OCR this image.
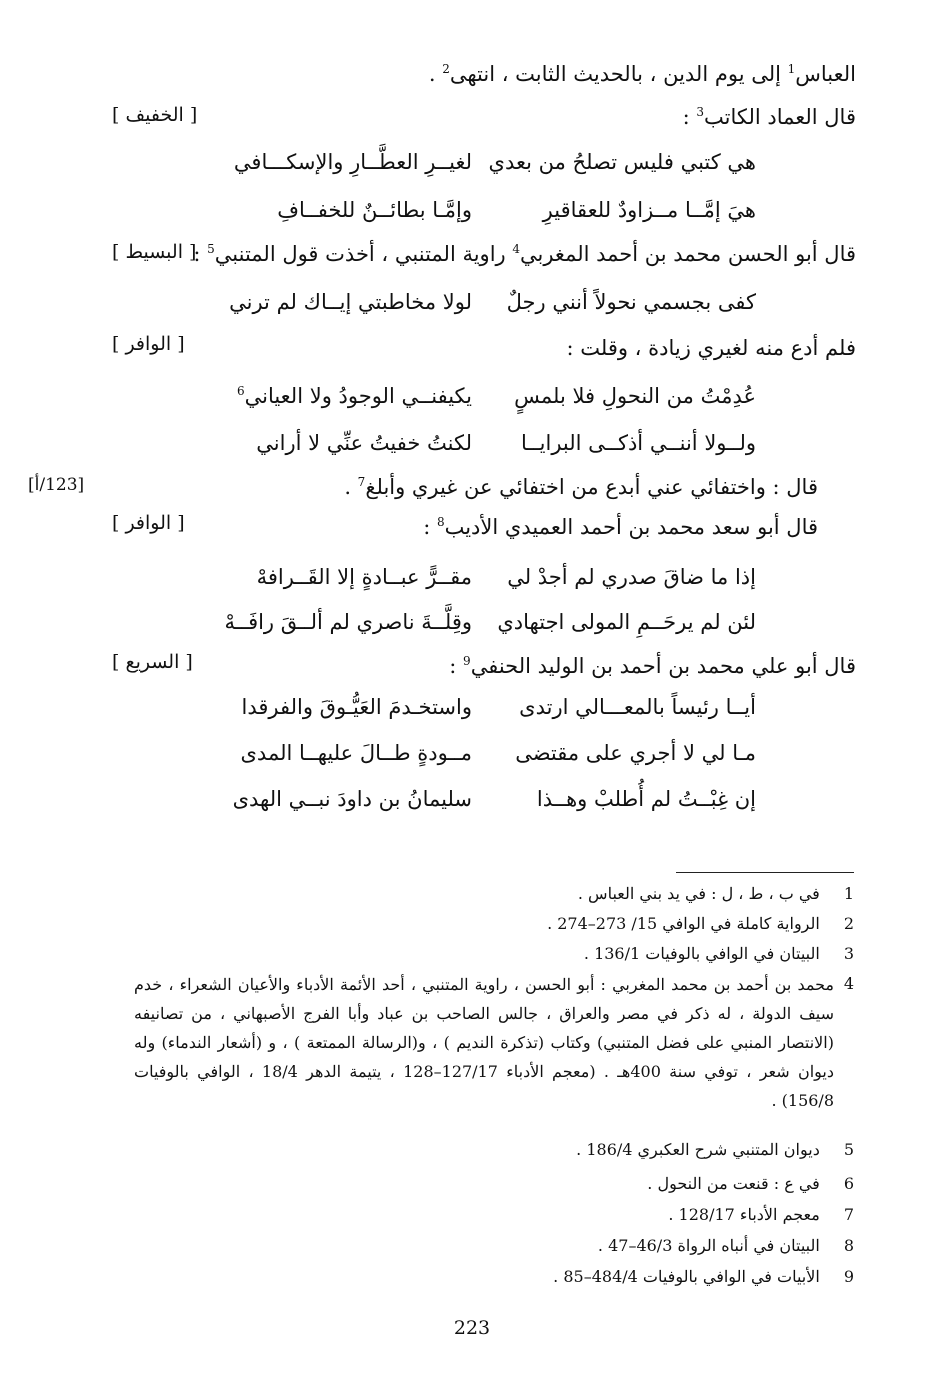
العباس$^1$ إلى يوم الدين ، بالحديث الثابت ، انتهى$^2$ .
قال العماد الكاتب$^3$ :
[ الخفيف ]
هي كتبي فليس تصلحُ من بعدي
لغيــرِ العطَّــارِ والإسكـــافي
هيَ إمَّــا مــزاودٌ للعقاقيرِ
وإمَّـا بطائــنٌ للخفــافِ
قال أبو الحسن محمد بن أحمد المغربي$^4$ راوية المتنبي ، أخذت قول المتنبي$^5$ :
[ البسيط ]
كفى بجسمي نحولاً أنني رجلٌ
لولا مخاطبتي إيــاك لم ترني
فلم أدع منه لغيري زيادة ، وقلت :
[ الوافر ]
عُدِمْتُ من النحولِ فلا بلمسٍ
يكيفنــي الوجودُ ولا العياني$^6$
ولــولا أننــي أذكــى البرايــا
لكنتُ خفيتُ عنِّي لا أراني
قال : واختفائي عني أبدع من اختفائي عن غيري وأبلغ$^7$ .
[123/أ]
قال أبو سعد محمد بن أحمد العميدي الأديب$^8$ :
[ الوافر ]
إذا ما ضاقَ صدري لم أجدْ لي
مقــرًّ عبــادةٍ إلا القَــرافهْ
لئن لم يرحَــمِ المولى اجتهادي
وقِلَّــةَ ناصري لم ألــقَ رافَــهْ
قال أبو علي محمد بن أحمد بن الوليد الحنفي$^9$ :
[ السريع ]
أيــا رئيساً بالمعـــالي ارتدى
واستخـدمَ العَيُّـوقَ والفرقدا
مـا لي لا أجري على مقتضى
مــودةٍ طــالَ عليهــا المدى
إن غِبْــتُ لم أُطلبْ وهــذا
سليمانُ بن داودَ نبــي الهدى
1  في ب ، ط ، ل : في يد بني العباس .
2  الرواية كاملة في الوافي 15/ 273–274 .
3  البيتان في الوافي بالوفيات 136/1 .
4
محمد بن أحمد بن محمد المغربي : أبو الحسن ، راوية المتنبي ، أحد الأئمة الأدباء والأعيان الشعراء ، خدم سيف الدولة ، له ذكر في مصر والعراق ، جالس الصاحب بن عباد وأبا الفرج الأصبهاني ، من تصانيفه (الانتصار المنبي على فضل المتنبي) وكتاب (تذكرة النديم ) ، و(الرسالة الممتعة ) ، و (أشعار الندماء) وله ديوان شعر ، توفي سنة 400هـ . (معجم الأدباء 127/17–128 ، يتيمة الدهر 18/4 ، الوافي بالوفيات 156/8) .
5  ديوان المتنبي شرح العكبري 186/4 .
6  في ع : قنعت من النحول .
7  معجم الأدباء 128/17 .
8  البيتان في أنباه الرواة 46/3–47 .
9  الأبيات في الوافي بالوفيات 484/4–85 .
223
